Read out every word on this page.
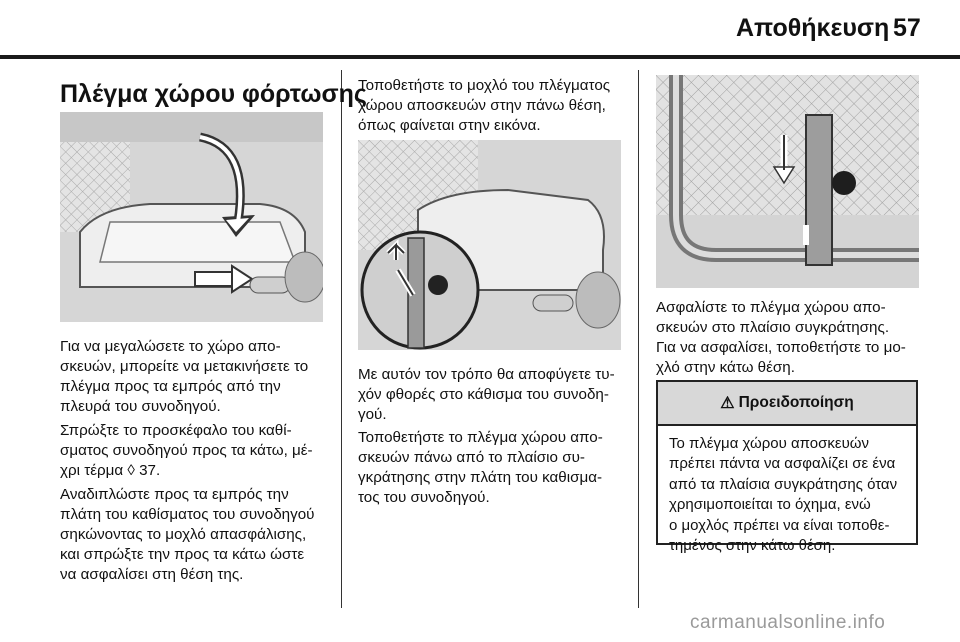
Αποθήκευση 57
Πλέγμα χώρου φόρτωσης
Για να μεγαλώσετε το χώρο απο-
σκευών, μπορείτε να μετακινήσετε το
πλέγμα προς τα εμπρός από την
πλευρά του συνοδηγού.
Σπρώξτε το προσκέφαλο του καθί-
σματος συνοδηγού προς τα κάτω, μέ-
χρι τέρμα ◊ 37.
Αναδιπλώστε προς τα εμπρός την
πλάτη του καθίσματος του συνοδηγού
σηκώνοντας το μοχλό απασφάλισης,
και σπρώξτε την προς τα κάτω ώστε
να ασφαλίσει στη θέση της.
Τοποθετήστε το μοχλό του πλέγματος
χώρου αποσκευών στην πάνω θέση,
όπως φαίνεται στην εικόνα.
Με αυτόν τον τρόπο θα αποφύγετε τυ-
χόν φθορές στο κάθισμα του συνοδη-
γού.
Τοποθετήστε το πλέγμα χώρου απο-
σκευών πάνω από το πλαίσιο συ-
γκράτησης στην πλάτη του καθισμα-
τος του συνοδηγού.
Ασφαλίστε το πλέγμα χώρου απο-
σκευών στο πλαίσιο συγκράτησης.
Για να ασφαλίσει, τοποθετήστε το μο-
χλό στην κάτω θέση.
⚠ Προειδοποίηση
Το πλέγμα χώρου αποσκευών
πρέπει πάντα να ασφαλίζει σε ένα
από τα πλαίσια συγκράτησης όταν
χρησιμοποιείται το όχημα, ενώ
ο μοχλός πρέπει να είναι τοποθε-
τημένος στην κάτω θέση.
carmanualsonline.info
